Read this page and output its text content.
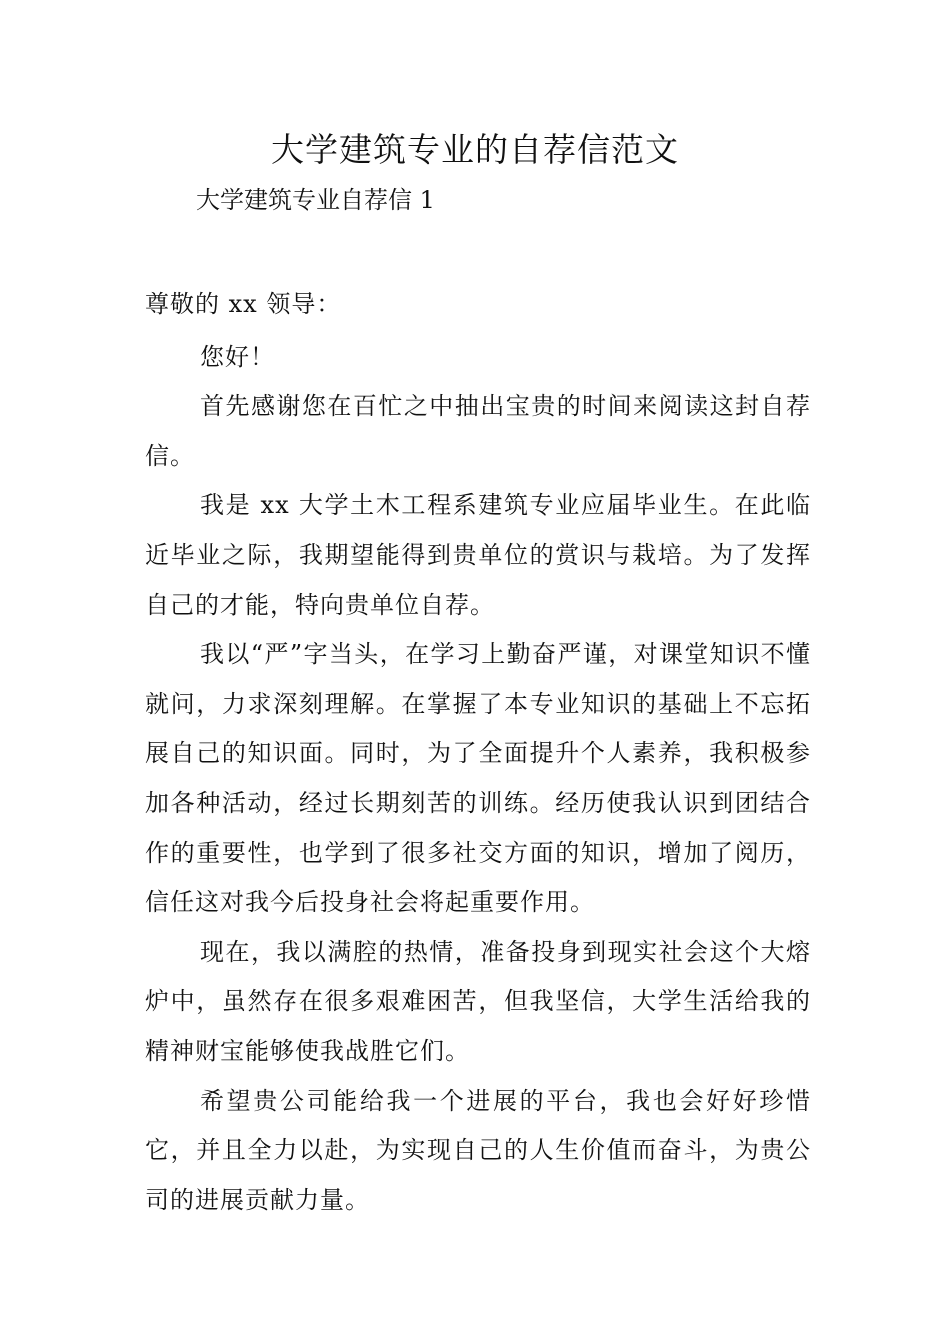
大学建筑专业的自荐信范文
大学建筑专业自荐信 1

尊敬的 xx 领导：

您好！

首先感谢您在百忙之中抽出宝贵的时间来阅读这封自荐信。

我是 xx 大学土木工程系建筑专业应届毕业生。在此临近毕业之际，我期望能得到贵单位的赏识与栽培。为了发挥自己的才能，特向贵单位自荐。

我以“严”字当头，在学习上勤奋严谨，对课堂知识不懂就问，力求深刻理解。在掌握了本专业知识的基础上不忘拓展自己的知识面。同时，为了全面提升个人素养，我积极参加各种活动，经过长期刻苦的训练。经历使我认识到团结合作的重要性，也学到了很多社交方面的知识，增加了阅历，信任这对我今后投身社会将起重要作用。

现在，我以满腔的热情，准备投身到现实社会这个大熔炉中，虽然存在很多艰难困苦，但我坚信，大学生活给我的精神财宝能够使我战胜它们。

希望贵公司能给我一个进展的平台，我也会好好珍惜它，并且全力以赴，为实现自己的人生价值而奋斗，为贵公司的进展贡献力量。
